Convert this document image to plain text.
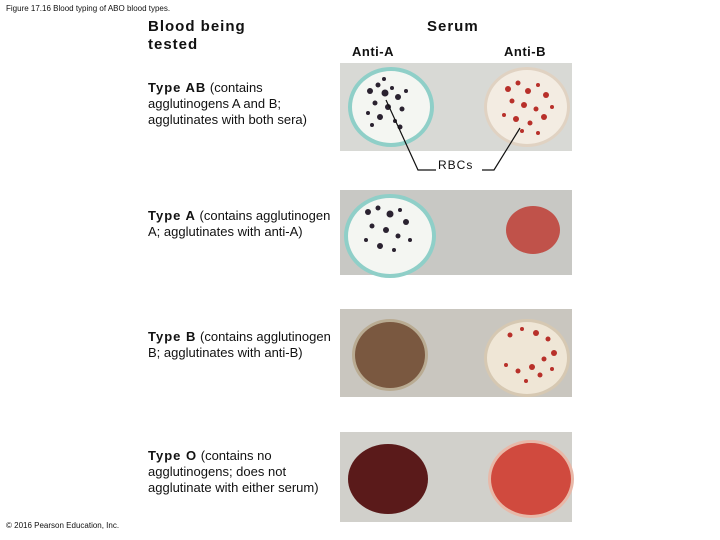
Figure 17.16 Blood typing of ABO blood types.
Blood being tested
Serum
Anti-A	Anti-B
Type AB (contains agglutinogens A and B; agglutinates with both sera)
Type A (contains agglutinogen A; agglutinates with anti-A)
Type B (contains agglutinogen B; agglutinates with anti-B)
Type O (contains no agglutinogens; does not agglutinate with either serum)
RBCs
© 2016 Pearson Education, Inc.
